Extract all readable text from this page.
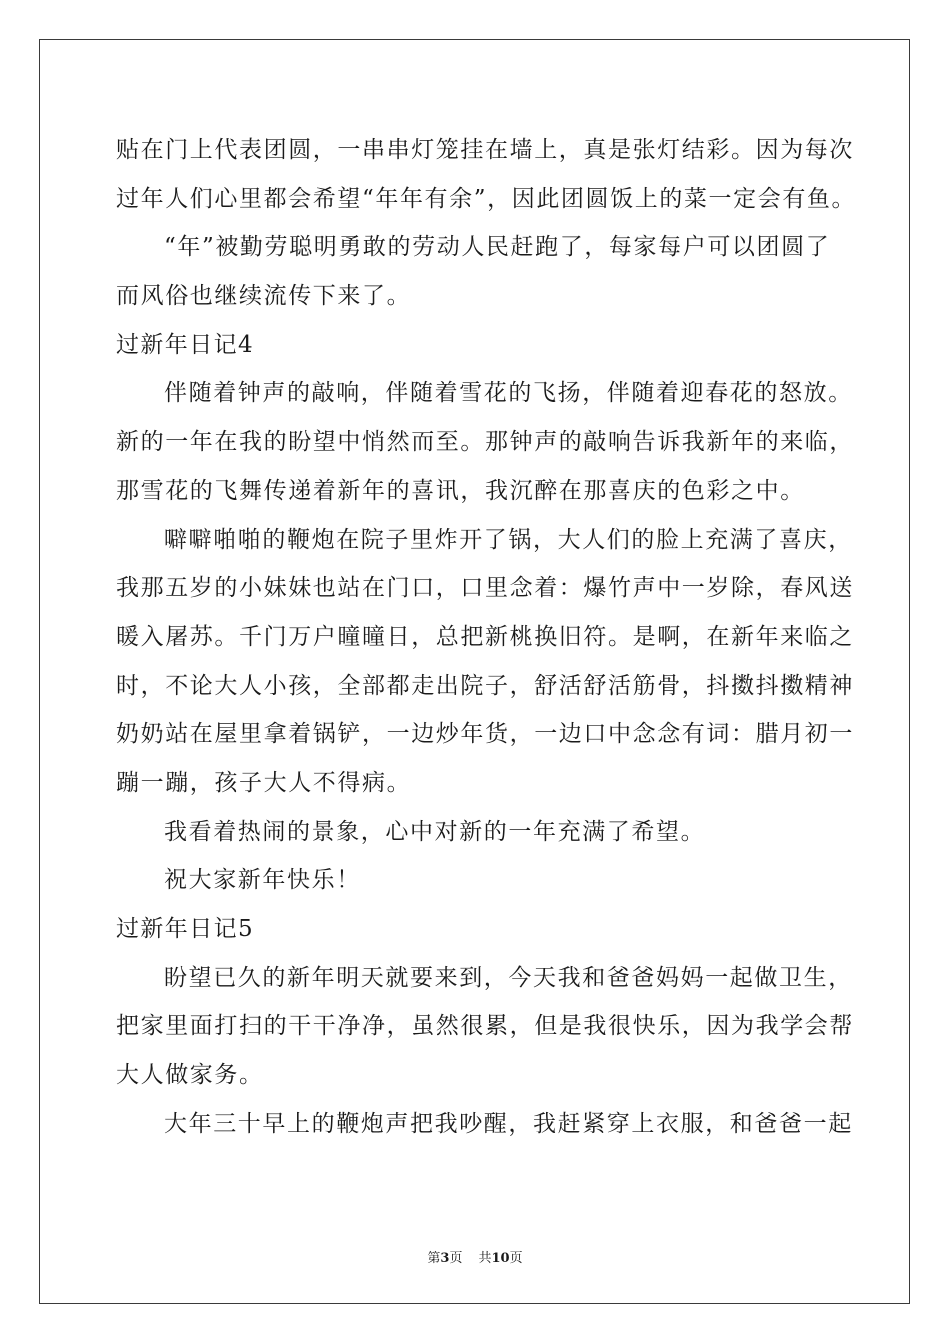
贴在门上代表团圆，一串串灯笼挂在墙上，真是张灯结彩。因为每次
过年人们心里都会希望“年年有余”，因此团圆饭上的菜一定会有鱼。
“年”被勤劳聪明勇敢的劳动人民赶跑了，每家每户可以团圆了
而风俗也继续流传下来了。
过新年日记4
伴随着钟声的敲响，伴随着雪花的飞扬，伴随着迎春花的怒放。
新的一年在我的盼望中悄然而至。那钟声的敲响告诉我新年的来临，
那雪花的飞舞传递着新年的喜讯，我沉醉在那喜庆的色彩之中。
噼噼啪啪的鞭炮在院子里炸开了锅，大人们的脸上充满了喜庆，
我那五岁的小妹妹也站在门口，口里念着：爆竹声中一岁除，春风送
暖入屠苏。千门万户曈曈日，总把新桃换旧符。是啊，在新年来临之
时，不论大人小孩，全部都走出院子，舒活舒活筋骨，抖擞抖擞精神
奶奶站在屋里拿着锅铲，一边炒年货，一边口中念念有词：腊月初一
蹦一蹦，孩子大人不得病。
我看着热闹的景象，心中对新的一年充满了希望。
祝大家新年快乐！
过新年日记5
盼望已久的新年明天就要来到，今天我和爸爸妈妈一起做卫生，
把家里面打扫的干干净净，虽然很累，但是我很快乐，因为我学会帮
大人做家务。
大年三十早上的鞭炮声把我吵醒，我赶紧穿上衣服，和爸爸一起
第3页 共10页
